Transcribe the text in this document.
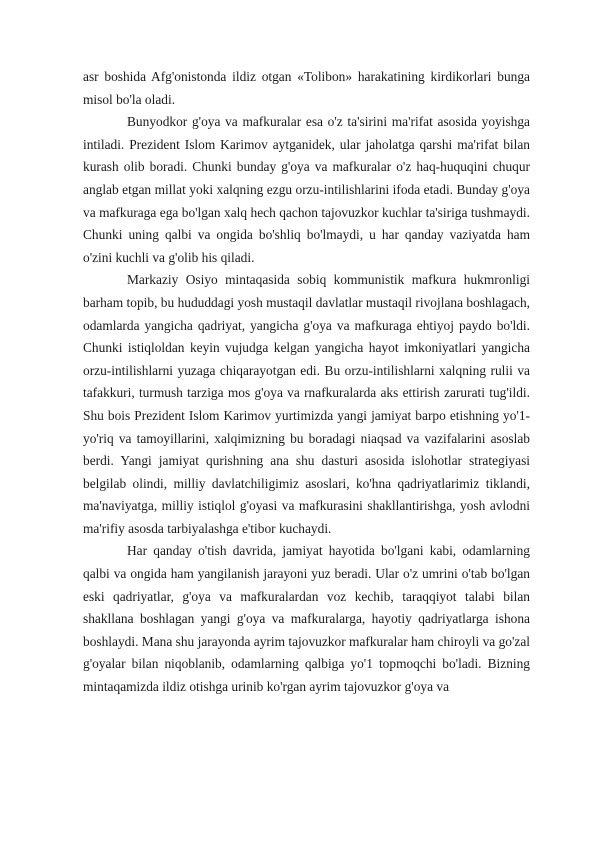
asr boshida Afg'onistonda ildiz otgan «Tolibon» harakatining kirdikorlari bunga misol bo'la oladi.

Bunyodkor g'oya va mafkuralar esa o'z ta'sirini ma'rifat asosida yoyishga intiladi. Prezident Islom Karimov aytganidek, ular jaholatga qarshi ma'rifat bilan kurash olib boradi. Chunki bunday g'oya va mafkuralar o'z haq-huquqini chuqur anglab etgan millat yoki xalqning ezgu orzu-intilishlarini ifoda etadi. Bunday g'oya va mafkuraga ega bo'lgan xalq hech qachon tajovuzkor kuchlar ta'siriga tushmaydi. Chunki uning qalbi va ongida bo'shliq bo'lmaydi, u har qanday vaziyatda ham o'zini kuchli va g'olib his qiladi.

Markaziy Osiyo mintaqasida sobiq kommunistik mafkura hukmronligi barham topib, bu hududdagi yosh mustaqil davlatlar mustaqil rivojlana boshlagach, odamlarda yangicha qadriyat, yangicha g'oya va mafkuraga ehtiyoj paydo bo'ldi. Chunki istiqloldan keyin vujudga kelgan yangicha hayot imkoniyatlari yangicha orzu-intilishlarni yuzaga chiqarayotgan edi. Bu orzu-intilishlarni xalqning rulii va tafakkuri, turmush tarziga mos g'oya va rnafkuralarda aks ettirish zarurati tug'ildi. Shu bois Prezident Islom Karimov yurtimizda yangi jamiyat barpo etishning yo'1-yo'riq va tamoyillarini, xalqimizning bu boradagi niaqsad va vazifalarini asoslab berdi. Yangi jamiyat qurishning ana shu dasturi asosida islohotlar strategiyasi belgilab olindi, milliy davlatchiligimiz asoslari, ko'hna qadriyatlarimiz tiklandi, ma'naviyatga, milliy istiqlol g'oyasi va mafkurasini shakllantirishga, yosh avlodni ma'rifiy asosda tarbiyalashga e'tibor kuchaydi.

Har qanday o'tish davrida, jamiyat hayotida bo'lgani kabi, odamlarning qalbi va ongida ham yangilanish jarayoni yuz beradi. Ular o'z umrini o'tab bo'lgan eski qadriyatlar, g'oya va mafkuralardan voz kechib, taraqqiyot talabi bilan shakllana boshlagan yangi g'oya va mafkuralarga, hayotiy qadriyatlarga ishona boshlaydi. Mana shu jarayonda ayrim tajovuzkor mafkuralar ham chiroyli va go'zal g'oyalar bilan niqoblanib, odamlarning qalbiga yo'1 topmoqchi bo'ladi. Bizning mintaqamizda ildiz otishga urinib ko'rgan ayrim tajovuzkor g'oya va
